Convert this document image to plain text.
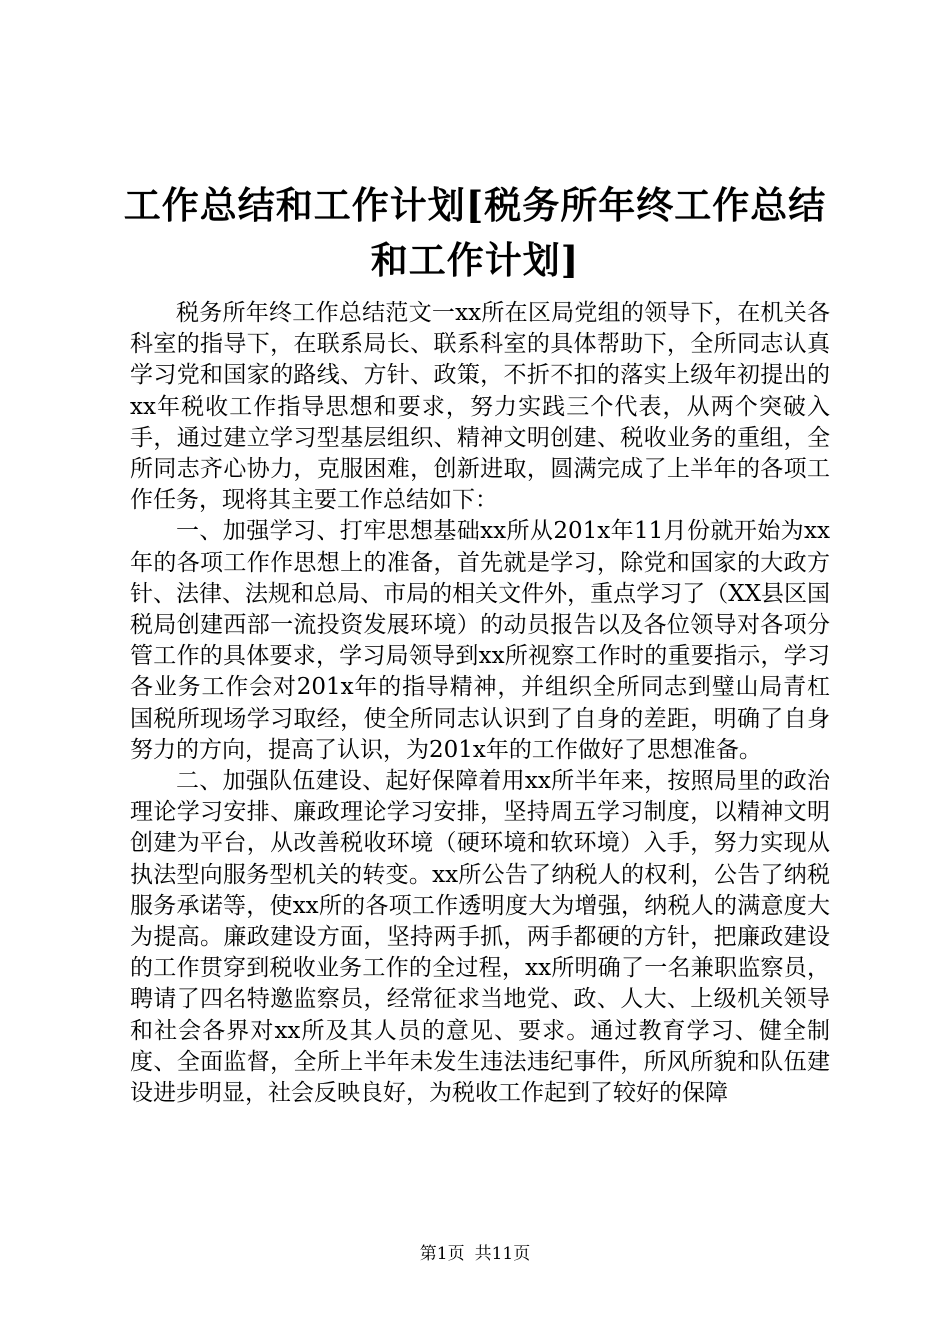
工作总结和工作计划[税务所年终工作总结和工作计划]

税务所年终工作总结范文一xx所在区局党组的领导下，在机关各科室的指导下，在联系局长、联系科室的具体帮助下，全所同志认真学习党和国家的路线、方针、政策，不折不扣的落实上级年初提出的xx年税收工作指导思想和要求，努力实践三个代表，从两个突破入手，通过建立学习型基层组织、精神文明创建、税收业务的重组，全所同志齐心协力，克服困难，创新进取，圆满完成了上半年的各项工作任务，现将其主要工作总结如下：

一、加强学习、打牢思想基础xx所从201x年11月份就开始为xx年的各项工作作思想上的准备，首先就是学习，除党和国家的大政方针、法律、法规和总局、市局的相关文件外，重点学习了（XX县区国税局创建西部一流投资发展环境）的动员报告以及各位领导对各项分管工作的具体要求，学习局领导到xx所视察工作时的重要指示，学习各业务工作会对201x年的指导精神，并组织全所同志到璧山局青杠国税所现场学习取经，使全所同志认识到了自身的差距，明确了自身努力的方向，提高了认识，为201x年的工作做好了思想准备。

二、加强队伍建设、起好保障着用xx所半年来，按照局里的政治理论学习安排、廉政理论学习安排，坚持周五学习制度，以精神文明创建为平台，从改善税收环境（硬环境和软环境）入手，努力实现从执法型向服务型机关的转变。xx所公告了纳税人的权利，公告了纳税服务承诺等，使xx所的各项工作透明度大为增强，纳税人的满意度大为提高。廉政建设方面，坚持两手抓，两手都硬的方针，把廉政建设的工作贯穿到税收业务工作的全过程，xx所明确了一名兼职监察员，聘请了四名特邀监察员，经常征求当地党、政、人大、上级机关领导和社会各界对xx所及其人员的意见、要求。通过教育学习、健全制度、全面监督，全所上半年未发生违法违纪事件，所风所貌和队伍建设进步明显，社会反映良好，为税收工作起到了较好的保障

第1页 共11页
